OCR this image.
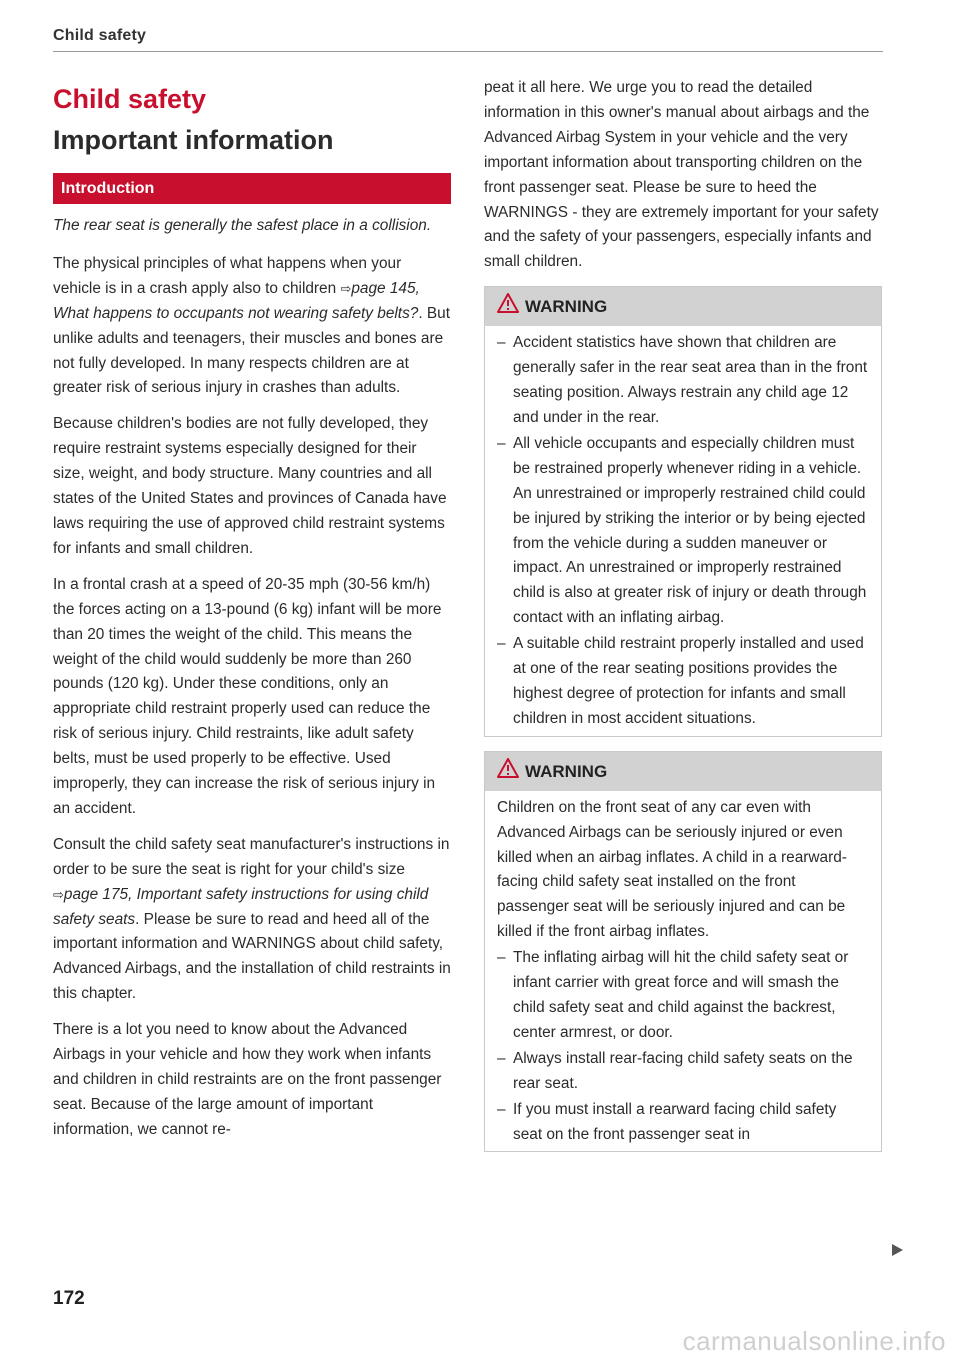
Child safety
Child safety
Important information
Introduction

The rear seat is generally the safest place in a collision.

The physical principles of what happens when your vehicle is in a crash apply also to children ⇨page 145, What happens to occupants not wearing safety belts?. But unlike adults and teenagers, their muscles and bones are not fully developed. In many respects children are at greater risk of serious injury in crashes than adults.

Because children's bodies are not fully developed, they require restraint systems especially designed for their size, weight, and body structure. Many countries and all states of the United States and provinces of Canada have laws requiring the use of approved child restraint systems for infants and small children.

In a frontal crash at a speed of 20-35 mph (30-56 km/h) the forces acting on a 13-pound (6 kg) infant will be more than 20 times the weight of the child. This means the weight of the child would suddenly be more than 260 pounds (120 kg). Under these conditions, only an appropriate child restraint properly used can reduce the risk of serious injury. Child restraints, like adult safety belts, must be used properly to be effective. Used improperly, they can increase the risk of serious injury in an accident.

Consult the child safety seat manufacturer's instructions in order to be sure the seat is right for your child's size ⇨page 175, Important safety instructions for using child safety seats. Please be sure to read and heed all of the important information and WARNINGS about child safety, Advanced Airbags, and the installation of child restraints in this chapter.

There is a lot you need to know about the Advanced Airbags in your vehicle and how they work when infants and children in child restraints are on the front passenger seat. Because of the large amount of important information, we cannot re-

peat it all here. We urge you to read the detailed information in this owner's manual about airbags and the Advanced Airbag System in your vehicle and the very important information about transporting children on the front passenger seat. Please be sure to heed the WARNINGS - they are extremely important for your safety and the safety of your passengers, especially infants and small children.

WARNING
– Accident statistics have shown that children are generally safer in the rear seat area than in the front seating position. Always restrain any child age 12 and under in the rear.
– All vehicle occupants and especially children must be restrained properly whenever riding in a vehicle. An unrestrained or improperly restrained child could be injured by striking the interior or by being ejected from the vehicle during a sudden maneuver or impact. An unrestrained or improperly restrained child is also at greater risk of injury or death through contact with an inflating airbag.
– A suitable child restraint properly installed and used at one of the rear seating positions provides the highest degree of protection for infants and small children in most accident situations.
WARNING

Children on the front seat of any car even with Advanced Airbags can be seriously injured or even killed when an airbag inflates. A child in a rearward-facing child safety seat installed on the front passenger seat will be seriously injured and can be killed if the front airbag inflates.

– The inflating airbag will hit the child safety seat or infant carrier with great force and will smash the child safety seat and child against the backrest, center armrest, or door.
– Always install rear-facing child safety seats on the rear seat.
– If you must install a rearward facing child safety seat on the front passenger seat in
172
carmanualsonline.info
